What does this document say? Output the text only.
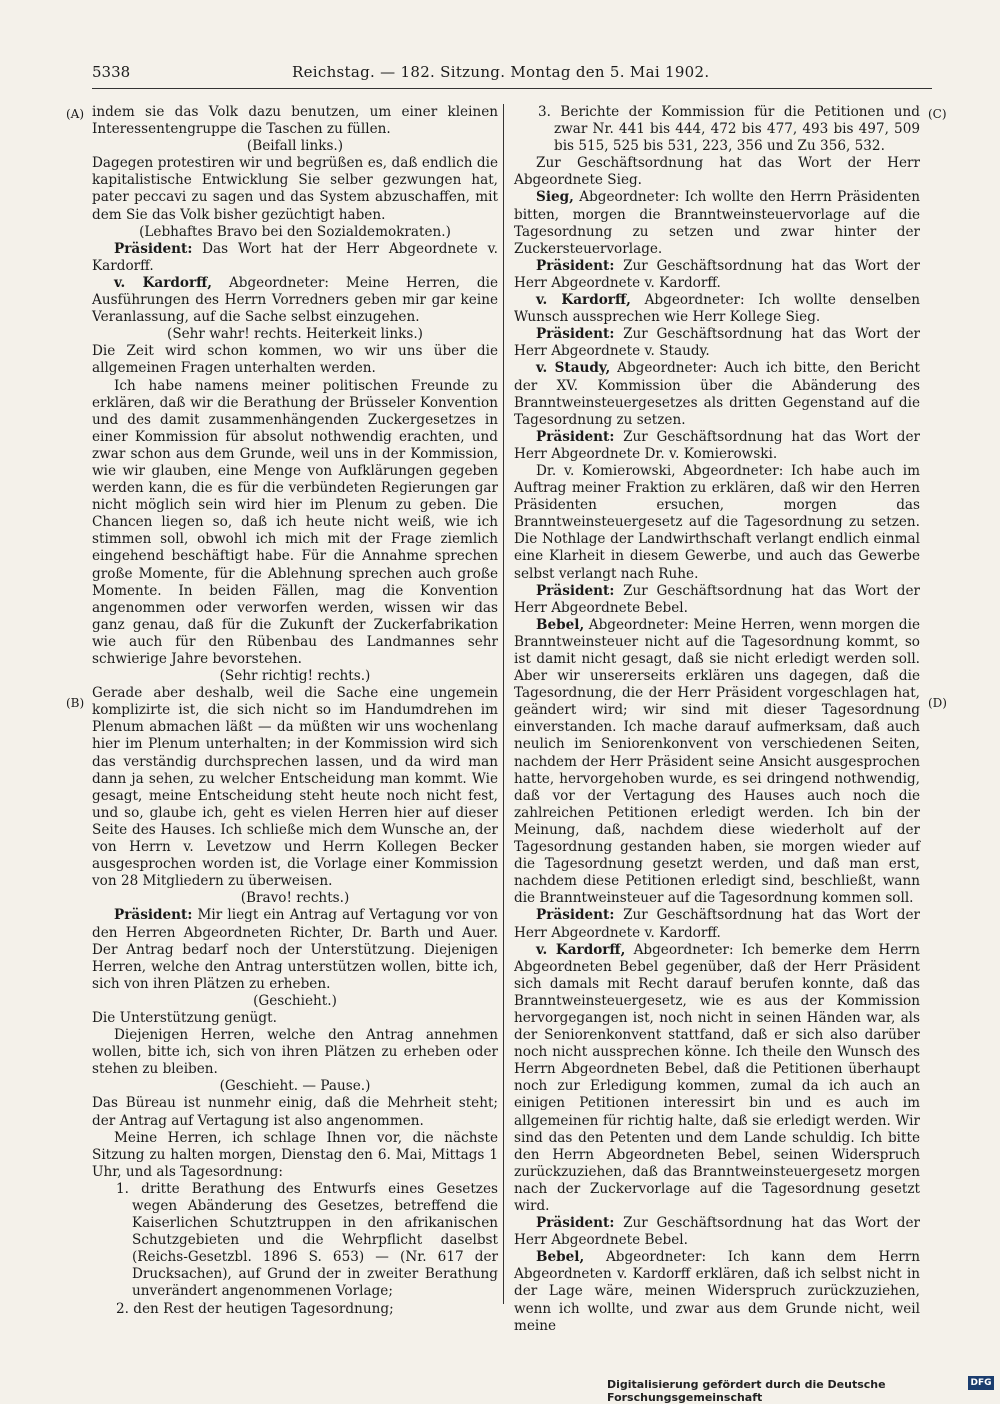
5338	Reichstag. — 182. Sitzung. Montag den 5. Mai 1902.
(A)
(B)
(C)
(D)

indem sie das Volk dazu benutzen, um einer kleinen Interessentengruppe die Taschen zu füllen.

(Beifall links.)

Dagegen protestiren wir und begrüßen es, daß endlich die kapitalistische Entwicklung Sie selber gezwungen hat, pater peccavi zu sagen und das System abzuschaffen, mit dem Sie das Volk bisher gezüchtigt haben.

(Lebhaftes Bravo bei den Sozialdemokraten.)

Präsident: Das Wort hat der Herr Abgeordnete v. Kardorff.

v. Kardorff, Abgeordneter: Meine Herren, die Ausführungen des Herrn Vorredners geben mir gar keine Veranlassung, auf die Sache selbst einzugehen.

(Sehr wahr! rechts. Heiterkeit links.)

Die Zeit wird schon kommen, wo wir uns über die allgemeinen Fragen unterhalten werden.

Ich habe namens meiner politischen Freunde zu erklären, daß wir die Berathung der Brüsseler Konvention und des damit zusammenhängenden Zuckergesetzes in einer Kommission für absolut nothwendig erachten, und zwar schon aus dem Grunde, weil uns in der Kommission, wie wir glauben, eine Menge von Aufklärungen gegeben werden kann, die es für die verbündeten Regierungen gar nicht möglich sein wird hier im Plenum zu geben. Die Chancen liegen so, daß ich heute nicht weiß, wie ich stimmen soll, obwohl ich mich mit der Frage ziemlich eingehend beschäftigt habe. Für die Annahme sprechen große Momente, für die Ablehnung sprechen auch große Momente. In beiden Fällen, mag die Konvention angenommen oder verworfen werden, wissen wir das ganz genau, daß für die Zukunft der Zuckerfabrikation wie auch für den Rübenbau des Landmannes sehr schwierige Jahre bevorstehen.

(Sehr richtig! rechts.)

Gerade aber deshalb, weil die Sache eine ungemein komplizirte ist, die sich nicht so im Handumdrehen im Plenum abmachen läßt — da müßten wir uns wochenlang hier im Plenum unterhalten; in der Kommission wird sich das verständig durchsprechen lassen, und da wird man dann ja sehen, zu welcher Entscheidung man kommt. Wie gesagt, meine Entscheidung steht heute noch nicht fest, und so, glaube ich, geht es vielen Herren hier auf dieser Seite des Hauses. Ich schließe mich dem Wunsche an, der von Herrn v. Levetzow und Herrn Kollegen Becker ausgesprochen worden ist, die Vorlage einer Kommission von 28 Mitgliedern zu überweisen.

(Bravo! rechts.)

Präsident: Mir liegt ein Antrag auf Vertagung vor von den Herren Abgeordneten Richter, Dr. Barth und Auer. Der Antrag bedarf noch der Unterstützung. Diejenigen Herren, welche den Antrag unterstützen wollen, bitte ich, sich von ihren Plätzen zu erheben.

(Geschieht.)

Die Unterstützung genügt.

Diejenigen Herren, welche den Antrag annehmen wollen, bitte ich, sich von ihren Plätzen zu erheben oder stehen zu bleiben.

(Geschieht. — Pause.)

Das Büreau ist nunmehr einig, daß die Mehrheit steht; der Antrag auf Vertagung ist also angenommen.

Meine Herren, ich schlage Ihnen vor, die nächste Sitzung zu halten morgen, Dienstag den 6. Mai, Mittags 1 Uhr, und als Tagesordnung:

1. dritte Berathung des Entwurfs eines Gesetzes wegen Abänderung des Gesetzes, betreffend die Kaiserlichen Schutztruppen in den afrikanischen Schutzgebieten und die Wehrpflicht daselbst (Reichs-Gesetzbl. 1896 S. 653) — (Nr. 617 der Drucksachen), auf Grund der in zweiter Berathung unverändert angenommenen Vorlage;

2. den Rest der heutigen Tagesordnung;

3. Berichte der Kommission für die Petitionen und zwar Nr. 441 bis 444, 472 bis 477, 493 bis 497, 509 bis 515, 525 bis 531, 223, 356 und Zu 356, 532.

Zur Geschäftsordnung hat das Wort der Herr Abgeordnete Sieg.

Sieg, Abgeordneter: Ich wollte den Herrn Präsidenten bitten, morgen die Branntweinsteuervorlage auf die Tagesordnung zu setzen und zwar hinter der Zuckersteuervorlage.

Präsident: Zur Geschäftsordnung hat das Wort der Herr Abgeordnete v. Kardorff.

v. Kardorff, Abgeordneter: Ich wollte denselben Wunsch aussprechen wie Herr Kollege Sieg.

Präsident: Zur Geschäftsordnung hat das Wort der Herr Abgeordnete v. Staudy.

v. Staudy, Abgeordneter: Auch ich bitte, den Bericht der XV. Kommission über die Abänderung des Branntweinsteuergesetzes als dritten Gegenstand auf die Tagesordnung zu setzen.

Präsident: Zur Geschäftsordnung hat das Wort der Herr Abgeordnete Dr. v. Komierowski.

Dr. v. Komierowski, Abgeordneter: Ich habe auch im Auftrag meiner Fraktion zu erklären, daß wir den Herren Präsidenten ersuchen, morgen das Branntweinsteuergesetz auf die Tagesordnung zu setzen. Die Nothlage der Landwirthschaft verlangt endlich einmal eine Klarheit in diesem Gewerbe, und auch das Gewerbe selbst verlangt nach Ruhe.

Präsident: Zur Geschäftsordnung hat das Wort der Herr Abgeordnete Bebel.

Bebel, Abgeordneter: Meine Herren, wenn morgen die Branntweinsteuer nicht auf die Tagesordnung kommt, so ist damit nicht gesagt, daß sie nicht erledigt werden soll. Aber wir unsererseits erklären uns dagegen, daß die Tagesordnung, die der Herr Präsident vorgeschlagen hat, geändert wird; wir sind mit dieser Tagesordnung einverstanden. Ich mache darauf aufmerksam, daß auch neulich im Seniorenkonvent von verschiedenen Seiten, nachdem der Herr Präsident seine Ansicht ausgesprochen hatte, hervorgehoben wurde, es sei dringend nothwendig, daß vor der Vertagung des Hauses auch noch die zahlreichen Petitionen erledigt werden. Ich bin der Meinung, daß, nachdem diese wiederholt auf der Tagesordnung gestanden haben, sie morgen wieder auf die Tagesordnung gesetzt werden, und daß man erst, nachdem diese Petitionen erledigt sind, beschließt, wann die Branntweinsteuer auf die Tagesordnung kommen soll.

Präsident: Zur Geschäftsordnung hat das Wort der Herr Abgeordnete v. Kardorff.

v. Kardorff, Abgeordneter: Ich bemerke dem Herrn Abgeordneten Bebel gegenüber, daß der Herr Präsident sich damals mit Recht darauf berufen konnte, daß das Branntweinsteuergesetz, wie es aus der Kommission hervorgegangen ist, noch nicht in seinen Händen war, als der Seniorenkonvent stattfand, daß er sich also darüber noch nicht aussprechen könne. Ich theile den Wunsch des Herrn Abgeordneten Bebel, daß die Petitionen überhaupt noch zur Erledigung kommen, zumal da ich auch an einigen Petitionen interessirt bin und es auch im allgemeinen für richtig halte, daß sie erledigt werden. Wir sind das den Petenten und dem Lande schuldig. Ich bitte den Herrn Abgeordneten Bebel, seinen Widerspruch zurückzuziehen, daß das Branntweinsteuergesetz morgen nach der Zuckervorlage auf die Tagesordnung gesetzt wird.

Präsident: Zur Geschäftsordnung hat das Wort der Herr Abgeordnete Bebel.

Bebel, Abgeordneter: Ich kann dem Herrn Abgeordneten v. Kardorff erklären, daß ich selbst nicht in der Lage wäre, meinen Widerspruch zurückzuziehen, wenn ich wollte, und zwar aus dem Grunde nicht, weil meine

Digitalisierung gefördert durch die Deutsche Forschungsgemeinschaft
DFG
